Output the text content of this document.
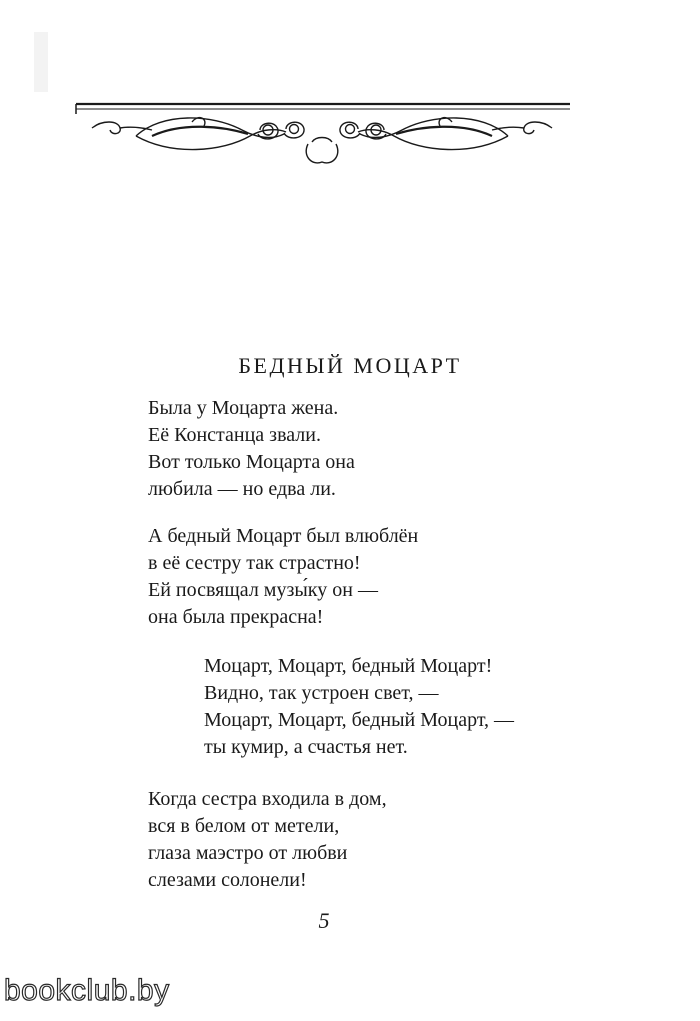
БЕДНЫЙ МОЦАРТ
Была у Моцарта жена.
Её Констанца звали.
Вот только Моцарта она
любила — но едва ли.
А бедный Моцарт был влюблён
в её сестру так страстно!
Ей посвящал музы́ку он —
она была прекрасна!
Моцарт, Моцарт, бедный Моцарт!
Видно, так устроен свет, —
Моцарт, Моцарт, бедный Моцарт, —
ты кумир, а счастья нет.
Когда сестра входила в дом,
вся в белом от метели,
глаза маэстро от любви
слезами солонели!
5
bookclub.by
